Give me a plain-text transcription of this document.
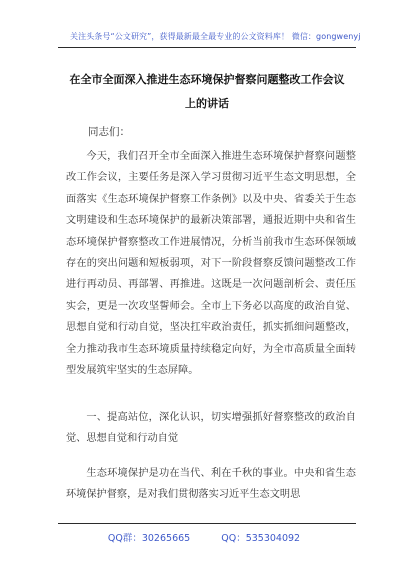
关注头条号“公文研究”，获得最新最全最专业的公文资料库！ 微信：gongwenyj
在全市全面深入推进生态环境保护督察问题整改工作会议
上的讲话
同志们：
今天，我们召开全市全面深入推进生态环境保护督察问题整改工作会议，主要任务是深入学习贯彻习近平生态文明思想，全面落实《生态环境保护督察工作条例》以及中央、省委关于生态文明建设和生态环境保护的最新决策部署，通报近期中央和省生态环境保护督察整改工作进展情况，分析当前我市生态环保领域存在的突出问题和短板弱项，对下一阶段督察反馈问题整改工作进行再动员、再部署、再推进。这既是一次问题剖析会、责任压实会，更是一次攻坚誓师会。全市上下务必以高度的政治自觉、思想自觉和行动自觉，坚决扛牢政治责任，抓实抓细问题整改，全力推动我市生态环境质量持续稳定向好，为全市高质量全面转型发展筑牢坚实的生态屏障。
一、提高站位，深化认识，切实增强抓好督察整改的政治自觉、思想自觉和行动自觉
生态环境保护是功在当代、利在千秋的事业。中央和省生态环境保护督察，是对我们贯彻落实习近平生态文明思
QQ群：30265665	QQ：535304092
